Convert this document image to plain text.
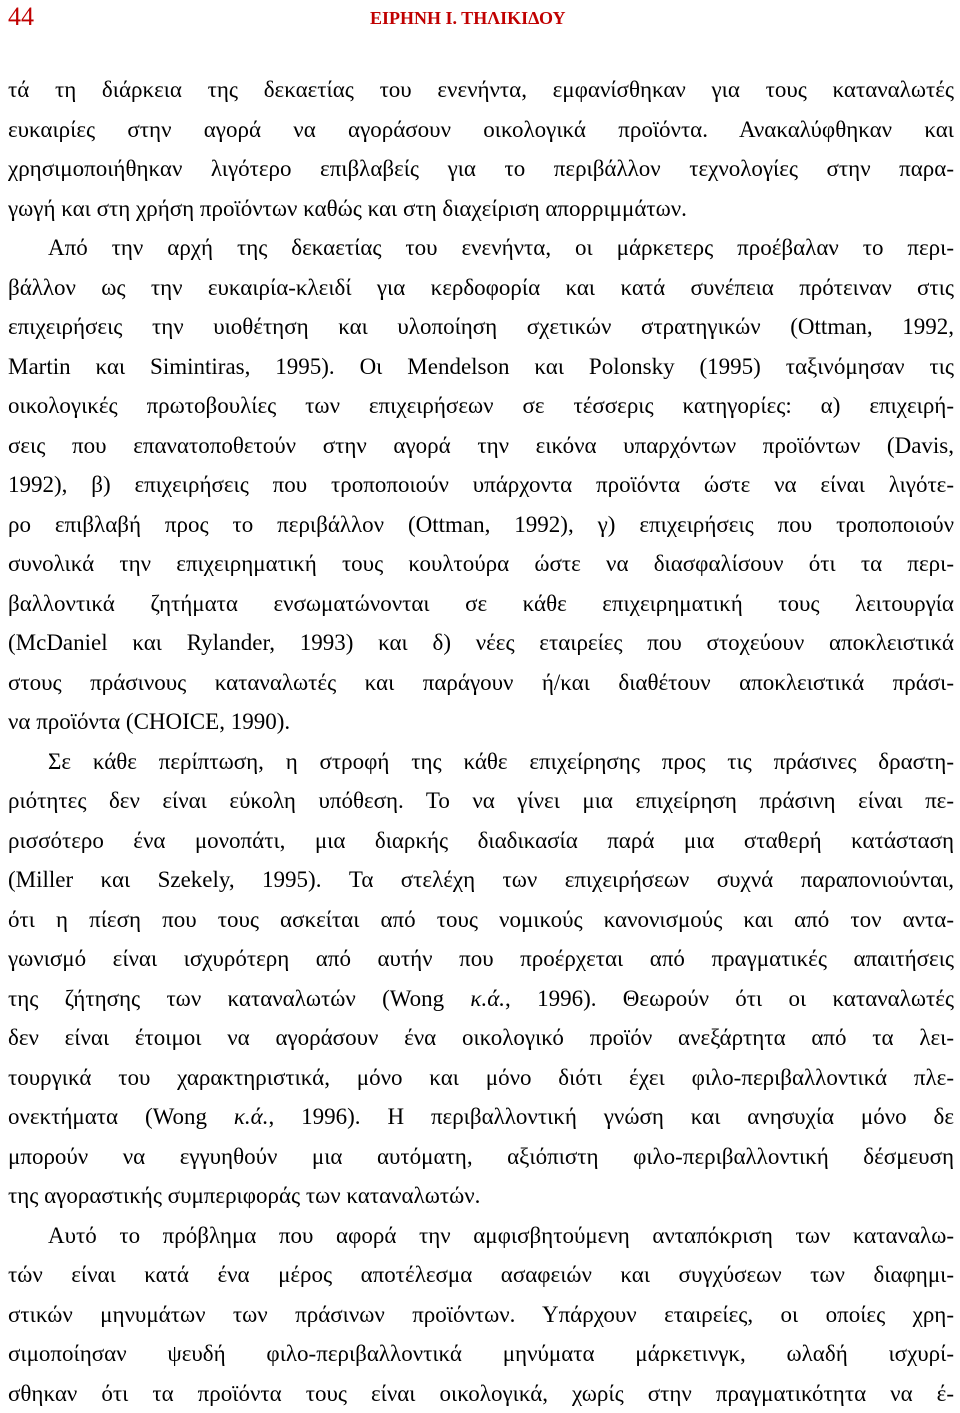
44	ΕΙΡΗΝΗ Ι. ΤΗΛΙΚΙΔΟΥ
τά τη διάρκεια της δεκαετίας του ενενήντα, εμφανίσθηκαν για τους καταναλωτές
ευκαιρίες στην αγορά να αγοράσουν οικολογικά προϊόντα. Ανακαλύφθηκαν και
χρησιμοποιήθηκαν λιγότερο επιβλαβείς για το περιβάλλον τεχνολογίες στην παρα-
γωγή και στη χρήση προϊόντων καθώς και στη διαχείριση απορριμμάτων.
Από την αρχή της δεκαετίας του ενενήντα, οι μάρκετερς προέβαλαν το περι-
βάλλον ως την ευκαιρία-κλειδί για κερδοφορία και κατά συνέπεια πρότειναν στις
επιχειρήσεις την υιοθέτηση και υλοποίηση σχετικών στρατηγικών (Ottman, 1992,
Martin και Simintiras, 1995). Οι Mendelson και Polonsky (1995) ταξινόμησαν τις
οικολογικές πρωτοβουλίες των επιχειρήσεων σε τέσσερις κατηγορίες: α) επιχειρή-
σεις που επανατοποθετούν στην αγορά την εικόνα υπαρχόντων προϊόντων (Davis,
1992), β) επιχειρήσεις που τροποποιούν υπάρχοντα προϊόντα ώστε να είναι λιγότε-
ρο επιβλαβή προς το περιβάλλον (Ottman, 1992), γ) επιχειρήσεις που τροποποιούν
συνολικά την επιχειρηματική τους κουλτούρα ώστε να διασφαλίσουν ότι τα περι-
βαλλοντικά ζητήματα ενσωματώνονται σε κάθε επιχειρηματική τους λειτουργία
(McDaniel και Rylander, 1993) και δ) νέες εταιρείες που στοχεύουν αποκλειστικά
στους πράσινους καταναλωτές και παράγουν ή/και διαθέτουν αποκλειστικά πράσι-
να προϊόντα (CHOICE, 1990).
Σε κάθε περίπτωση, η στροφή της κάθε επιχείρησης προς τις πράσινες δραστη-
ριότητες δεν είναι εύκολη υπόθεση. Το να γίνει μια επιχείρηση πράσινη είναι πε-
ρισσότερο ένα μονοπάτι, μια διαρκής διαδικασία παρά μια σταθερή κατάσταση
(Miller και Szekely, 1995). Τα στελέχη των επιχειρήσεων συχνά παραπονιούνται,
ότι η πίεση που τους ασκείται από τους νομικούς κανονισμούς και από τον αντα-
γωνισμό είναι ισχυρότερη από αυτήν που προέρχεται από πραγματικές απαιτήσεις
της ζήτησης των καταναλωτών (Wong κ.ά., 1996). Θεωρούν ότι οι καταναλωτές
δεν είναι έτοιμοι να αγοράσουν ένα οικολογικό προϊόν ανεξάρτητα από τα λει-
τουργικά του χαρακτηριστικά, μόνο και μόνο διότι έχει φιλο-περιβαλλοντικά πλε-
ονεκτήματα (Wong κ.ά., 1996). Η περιβαλλοντική γνώση και ανησυχία μόνο δε
μπορούν να εγγυηθούν μια αυτόματη, αξιόπιστη φιλο-περιβαλλοντική δέσμευση
της αγοραστικής συμπεριφοράς των καταναλωτών.
Αυτό το πρόβλημα που αφορά την αμφισβητούμενη ανταπόκριση των καταναλω-
τών είναι κατά ένα μέρος αποτέλεσμα ασαφειών και συγχύσεων των διαφημι-
στικών μηνυμάτων των πράσινων προϊόντων. Υπάρχουν εταιρείες, οι οποίες χρη-
σιμοποίησαν ψευδή φιλο-περιβαλλοντικά μηνύματα μάρκετινγκ, ωλαδή ισχυρί-
σθηκαν ότι τα προϊόντα τους είναι οικολογικά, χωρίς στην πραγματικότητα να έ-
